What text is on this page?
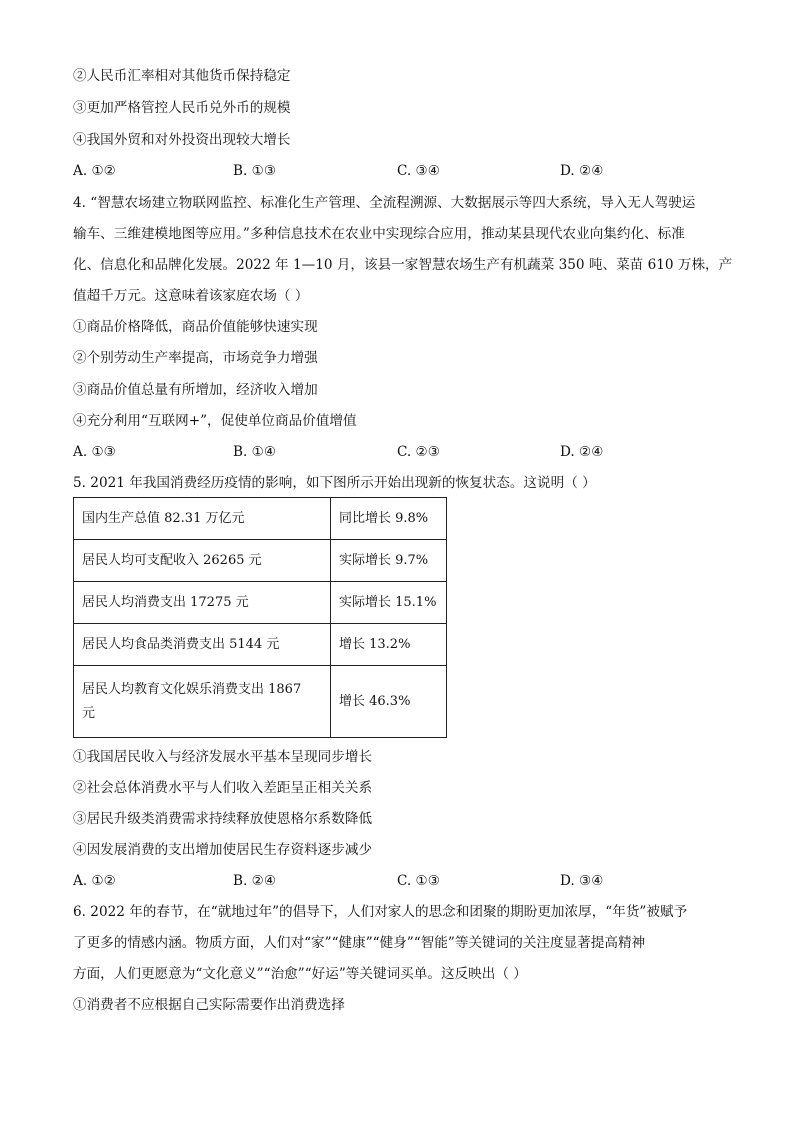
②人民币汇率相对其他货币保持稳定
③更加严格管控人民币兑外币的规模
④我国外贸和对外投资出现较大增长
A. ①②	B. ①③	C. ③④	D. ②④
4. “智慧农场建立物联网监控、标准化生产管理、全流程溯源、大数据展示等四大系统，导入无人驾驶运
输车、三维建模地图等应用。”多种信息技术在农业中实现综合应用，推动某县现代农业向集约化、标准
化、信息化和品牌化发展。2022 年 1—10 月，该县一家智慧农场生产有机蔬菜 350 吨、菜苗 610 万株，产
值超千万元。这意味着该家庭农场（ ）
①商品价格降低，商品价值能够快速实现
②个别劳动生产率提高，市场竞争力增强
③商品价值总量有所增加，经济收入增加
④充分利用“互联网+”，促使单位商品价值增值
A. ①③	B. ①④	C. ②③	D. ②④
5. 2021 年我国消费经历疫情的影响，如下图所示开始出现新的恢复状态。这说明（ ）
国内生产总值 82.31 万亿元	同比增长 9.8%
居民人均可支配收入 26265 元	实际增长 9.7%
居民人均消费支出 17275 元	实际增长 15.1%
居民人均食品类消费支出 5144 元	增长 13.2%
居民人均教育文化娱乐消费支出 1867
元	增长 46.3%
①我国居民收入与经济发展水平基本呈现同步增长
②社会总体消费水平与人们收入差距呈正相关关系
③居民升级类消费需求持续释放使恩格尔系数降低
④因发展消费的支出增加使居民生存资料逐步减少
A. ①②	B. ②④	C. ①③	D. ③④
6. 2022 年的春节，在“就地过年”的倡导下，人们对家人的思念和团聚的期盼更加浓厚，“年货”被赋予
了更多的情感内涵。物质方面，人们对“家”“健康”“健身”“智能”等关键词的关注度显著提高精神
方面，人们更愿意为“文化意义”“治愈”“好运”等关键词买单。这反映出（ ）
①消费者不应根据自己实际需要作出消费选择
